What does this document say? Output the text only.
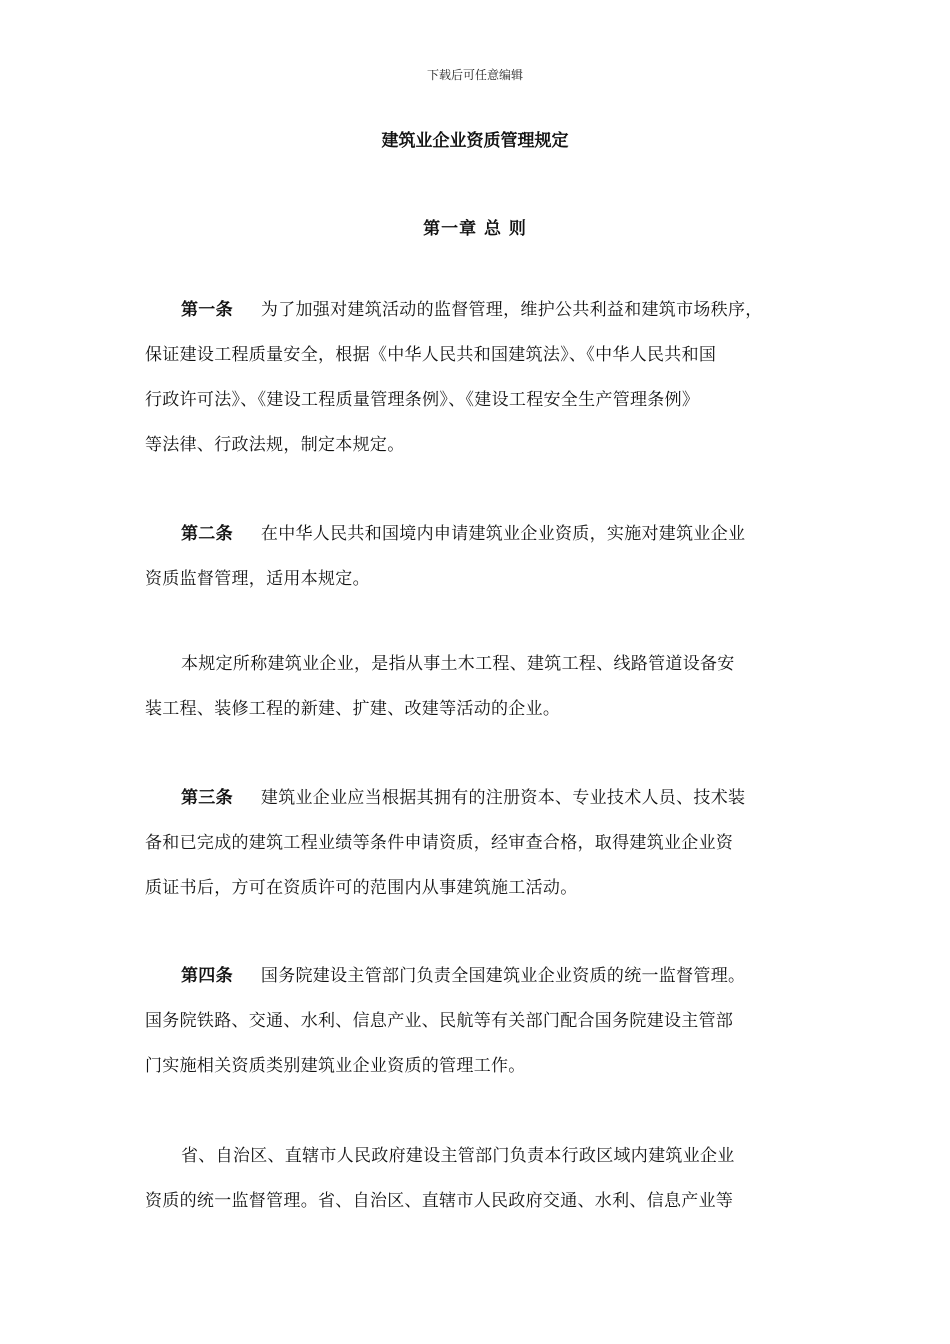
下载后可任意编辑
建筑业企业资质管理规定
第一章 总 则
第一条 为了加强对建筑活动的监督管理，维护公共利益和建筑市场秩序，
保证建设工程质量安全，根据《中华人民共和国建筑法》、《中华人民共和国
行政许可法》、《建设工程质量管理条例》、《建设工程安全生产管理条例》
等法律、行政法规，制定本规定。
第二条 在中华人民共和国境内申请建筑业企业资质，实施对建筑业企业
资质监督管理，适用本规定。
本规定所称建筑业企业，是指从事土木工程、建筑工程、线路管道设备安
装工程、装修工程的新建、扩建、改建等活动的企业。
第三条 建筑业企业应当根据其拥有的注册资本、专业技术人员、技术装
备和已完成的建筑工程业绩等条件申请资质，经审查合格，取得建筑业企业资
质证书后，方可在资质许可的范围内从事建筑施工活动。
第四条 国务院建设主管部门负责全国建筑业企业资质的统一监督管理。
国务院铁路、交通、水利、信息产业、民航等有关部门配合国务院建设主管部
门实施相关资质类别建筑业企业资质的管理工作。
省、自治区、直辖市人民政府建设主管部门负责本行政区域内建筑业企业
资质的统一监督管理。省、自治区、直辖市人民政府交通、水利、信息产业等
